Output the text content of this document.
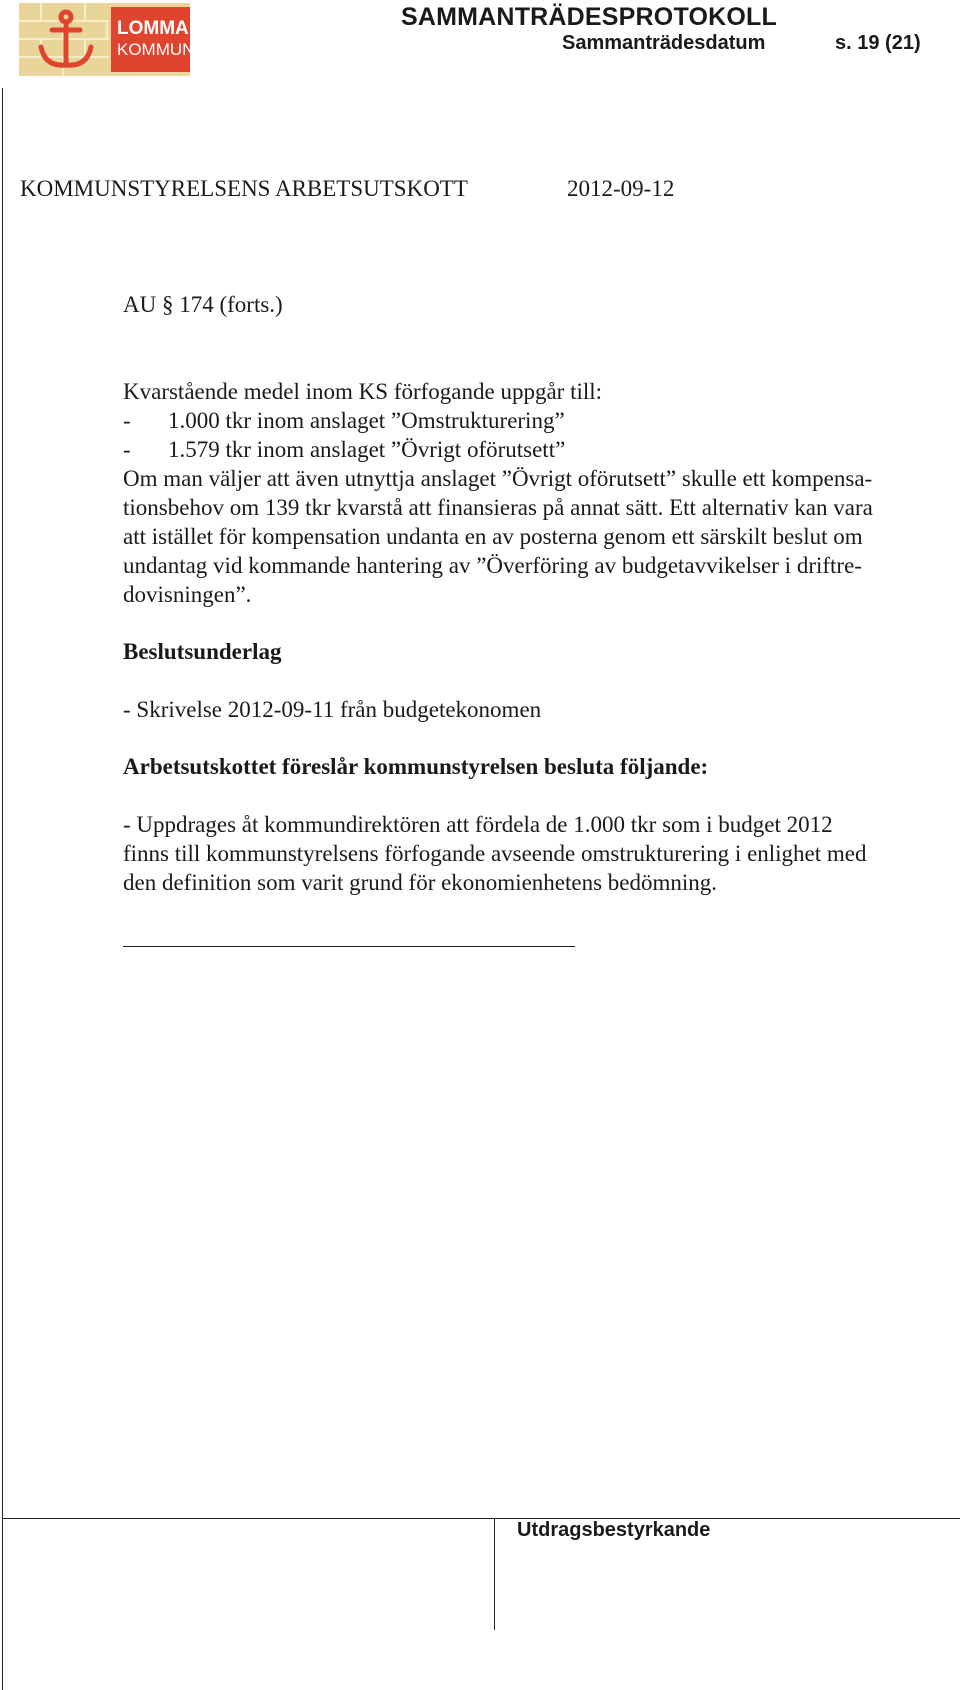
LOMMA
KOMMUN
SAMMANTRÄDESPROTOKOLL
Sammanträdesdatum	s. 19 (21)
Utdragsbestyrkande
KOMMUNSTYRELSENS ARBETSUTSKOTT	2012-09-12
AU § 174 (forts.)
Kvarstående medel inom KS förfogande uppgår till:
- 1.000 tkr inom anslaget ”Omstrukturering”
- 1.579 tkr inom anslaget ”Övrigt oförutsett”
Om man väljer att även utnyttja anslaget ”Övrigt oförutsett” skulle ett kompensa-
tionsbehov om 139 tkr kvarstå att finansieras på annat sätt. Ett alternativ kan vara
att istället för kompensation undanta en av posterna genom ett särskilt beslut om
undantag vid kommande hantering av ”Överföring av budgetavvikelser i driftre-
dovisningen”.
Beslutsunderlag
- Skrivelse 2012-09-11 från budgetekonomen
Arbetsutskottet föreslår kommunstyrelsen besluta följande:
- Uppdrages åt kommundirektören att fördela de 1.000 tkr som i budget 2012
finns till kommunstyrelsens förfogande avseende omstrukturering i enlighet med
den definition som varit grund för ekonomienhetens bedömning.
